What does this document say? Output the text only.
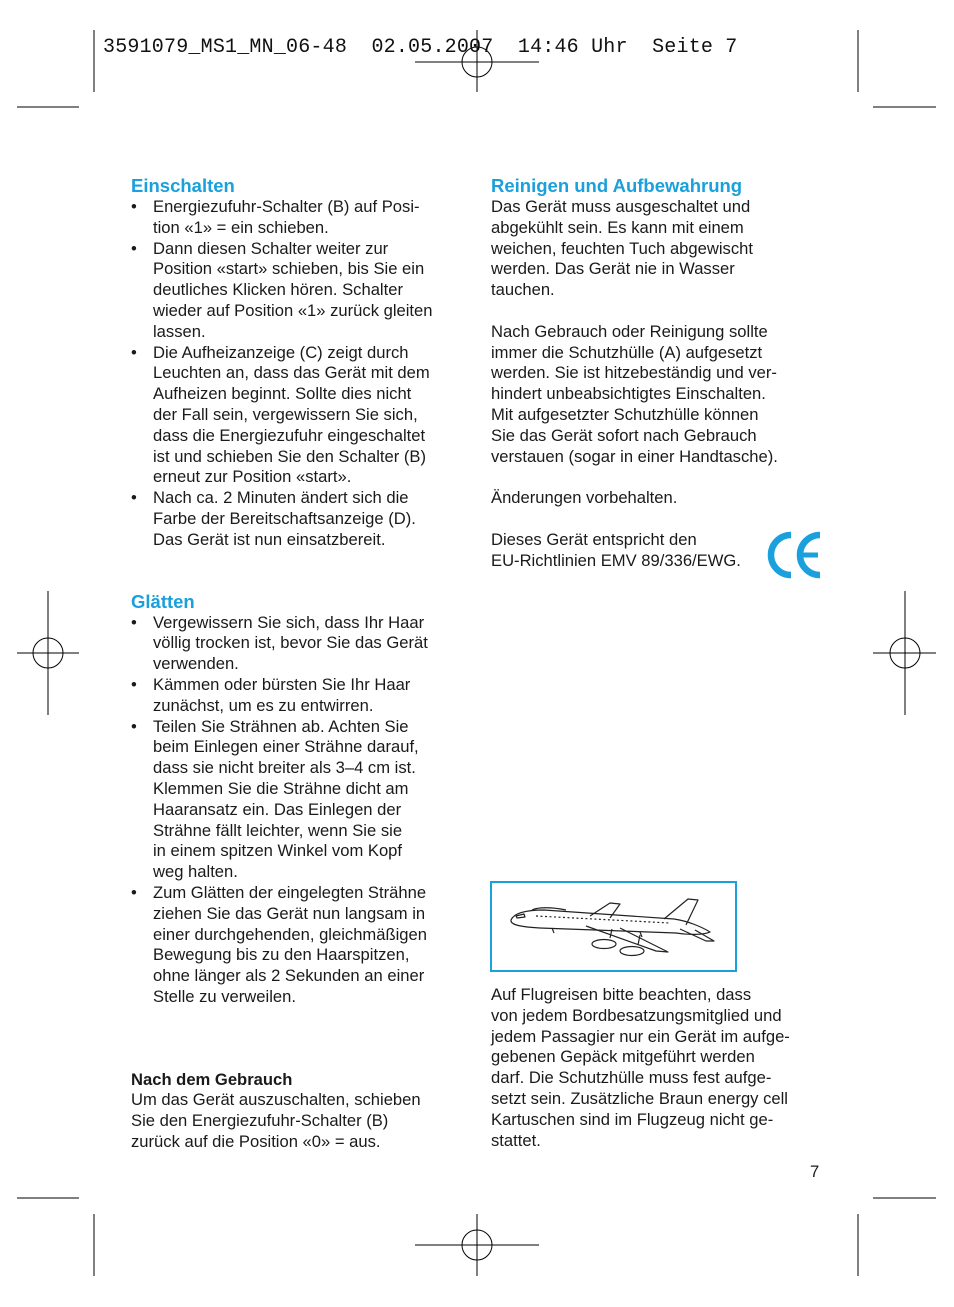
3591079_MS1_MN_06-48  02.05.2007  14:46 Uhr  Seite 7
Einschalten
• Energiezufuhr-Schalter (B) auf Posi-
tion «1» = ein schieben.
• Dann diesen Schalter weiter zur
Position «start» schieben, bis Sie ein
deutliches Klicken hören. Schalter
wieder auf Position «1» zurück gleiten
lassen.
• Die Aufheizanzeige (C) zeigt durch
Leuchten an, dass das Gerät mit dem
Aufheizen beginnt. Sollte dies nicht
der Fall sein, vergewissern Sie sich,
dass die Energiezufuhr eingeschaltet
ist und schieben Sie den Schalter (B)
erneut zur Position «start».
• Nach ca. 2 Minuten ändert sich die
Farbe der Bereitschaftsanzeige (D).
Das Gerät ist nun einsatzbereit.
Glätten
• Vergewissern Sie sich, dass Ihr Haar
völlig trocken ist, bevor Sie das Gerät
verwenden.
• Kämmen oder bürsten Sie Ihr Haar
zunächst, um es zu entwirren.
• Teilen Sie Strähnen ab. Achten Sie
beim Einlegen einer Strähne darauf,
dass sie nicht breiter als 3–4 cm ist.
Klemmen Sie die Strähne dicht am
Haaransatz ein. Das Einlegen der
Strähne fällt leichter, wenn Sie sie
in einem spitzen Winkel vom Kopf
weg halten.
• Zum Glätten der eingelegten Strähne
ziehen Sie das Gerät nun langsam in
einer durchgehenden, gleichmäßigen
Bewegung bis zu den Haarspitzen,
ohne länger als 2 Sekunden an einer
Stelle zu verweilen.
Nach dem Gebrauch

Um das Gerät auszuschalten, schieben
Sie den Energiezufuhr-Schalter (B)
zurück auf die Position «0» = aus.

Reinigen und Aufbewahrung

Das Gerät muss ausgeschaltet und
abgekühlt sein. Es kann mit einem
weichen, feuchten Tuch abgewischt
werden. Das Gerät nie in Wasser
tauchen.

Nach Gebrauch oder Reinigung sollte
immer die Schutzhülle (A) aufgesetzt
werden. Sie ist hitzebeständig und ver-
hindert unbeabsichtigtes Einschalten.
Mit aufgesetzter Schutzhülle können
Sie das Gerät sofort nach Gebrauch
verstauen (sogar in einer Handtasche).

Änderungen vorbehalten.

Dieses Gerät entspricht den
EU-Richtlinien EMV 89/336/EWG.

Auf Flugreisen bitte beachten, dass
von jedem Bordbesatzungsmitglied und
jedem Passagier nur ein Gerät im aufge-
gebenen Gepäck mitgeführt werden
darf. Die Schutzhülle muss fest aufge-
setzt sein. Zusätzliche Braun energy cell
Kartuschen sind im Flugzeug nicht ge-
stattet.

7
